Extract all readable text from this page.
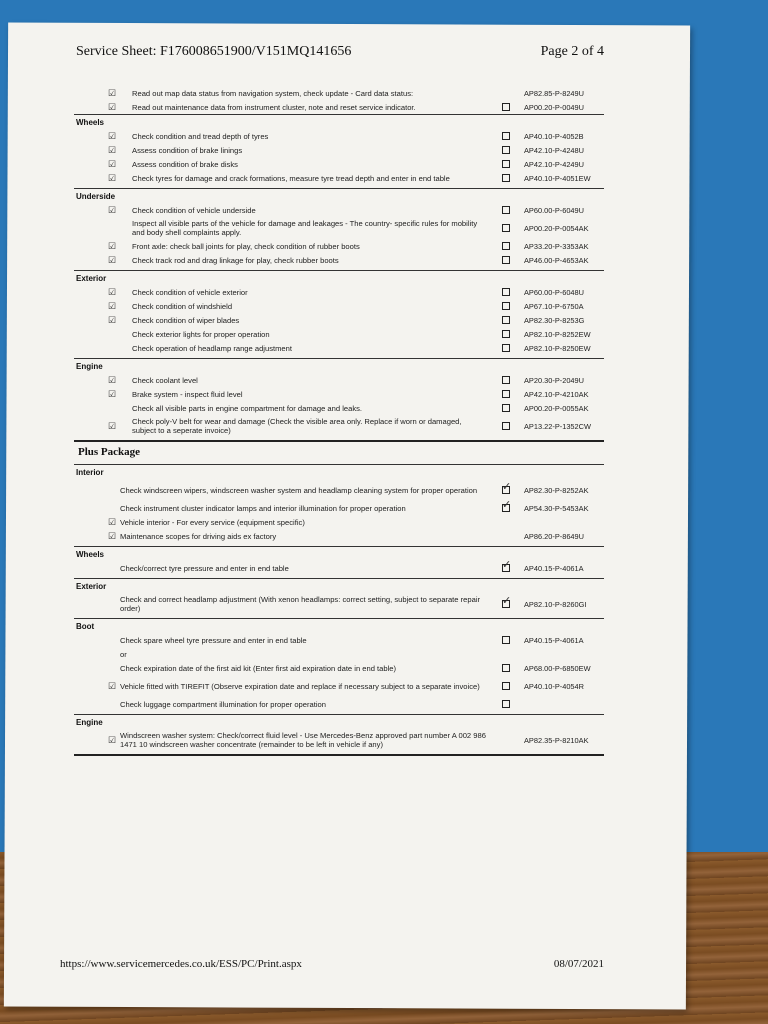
Service Sheet: F176008651900/V151MQ141656	Page 2 of 4
☑ Read out map data status from navigation system, check update - Card data status:	AP82.85-P-8249U
☑ Read out maintenance data from instrument cluster, note and reset service indicator.	AP00.20-P-0049U
Wheels
☑ Check condition and tread depth of tyres	AP40.10-P-4052B
☑ Assess condition of brake linings	AP42.10-P-4248U
☑ Assess condition of brake disks	AP42.10-P-4249U
☑ Check tyres for damage and crack formations, measure tyre tread depth and enter in end table	AP40.10-P-4051EW
Underside
☑ Check condition of vehicle underside	AP60.00-P-6049U
Inspect all visible parts of the vehicle for damage and leakages - The country- specific rules for mobility and body shell complaints apply.	AP00.20-P-0054AK
☑ Front axle: check ball joints for play, check condition of rubber boots	AP33.20-P-3353AK
☑ Check track rod and drag linkage for play, check rubber boots	AP46.00-P-4653AK
Exterior
☑ Check condition of vehicle exterior	AP60.00-P-6048U
☑ Check condition of windshield	AP67.10-P-6750A
☑ Check condition of wiper blades	AP82.30-P-8253G
Check exterior lights for proper operation	AP82.10-P-8252EW
Check operation of headlamp range adjustment	AP82.10-P-8250EW
Engine
☑ Check coolant level	AP20.30-P-2049U
☑ Brake system - inspect fluid level	AP42.10-P-4210AK
Check all visible parts in engine compartment for damage and leaks.	AP00.20-P-0055AK
☑ Check poly-V belt for wear and damage (Check the visible area only. Replace if worn or damaged, subject to a seperate invoice)	AP13.22-P-1352CW
Plus Package
Interior
Check windscreen wipers, windscreen washer system and headlamp cleaning system for proper operation ✓	AP82.30-P-8252AK
Check instrument cluster indicator lamps and interior illumination for proper operation ✓	AP54.30-P-5453AK
☑ Vehicle interior - For every service (equipment specific)
☑ Maintenance scopes for driving aids ex factory	AP86.20-P-8649U
Wheels
Check/correct tyre pressure and enter in end table ✓	AP40.15-P-4061A
Exterior
Check and correct headlamp adjustment (With xenon headlamps: correct setting, subject to separate repair order) ✓	AP82.10-P-8260GI
Boot
Check spare wheel tyre pressure and enter in end table	AP40.15-P-4061A
or
Check expiration date of the first aid kit (Enter first aid expiration date in end table)	AP68.00-P-6850EW
☑ Vehicle fitted with TIREFIT (Observe expiration date and replace if necessary subject to a separate invoice)	AP40.10-P-4054R
Check luggage compartment illumination for proper operation
Engine
☑ Windscreen washer system: Check/correct fluid level - Use Mercedes-Benz approved part number A 002 986 1471 10 windscreen washer concentrate (remainder to be left in vehicle if any)	AP82.35-P-8210AK
https://www.servicemercedes.co.uk/ESS/PC/Print.aspx	08/07/2021
